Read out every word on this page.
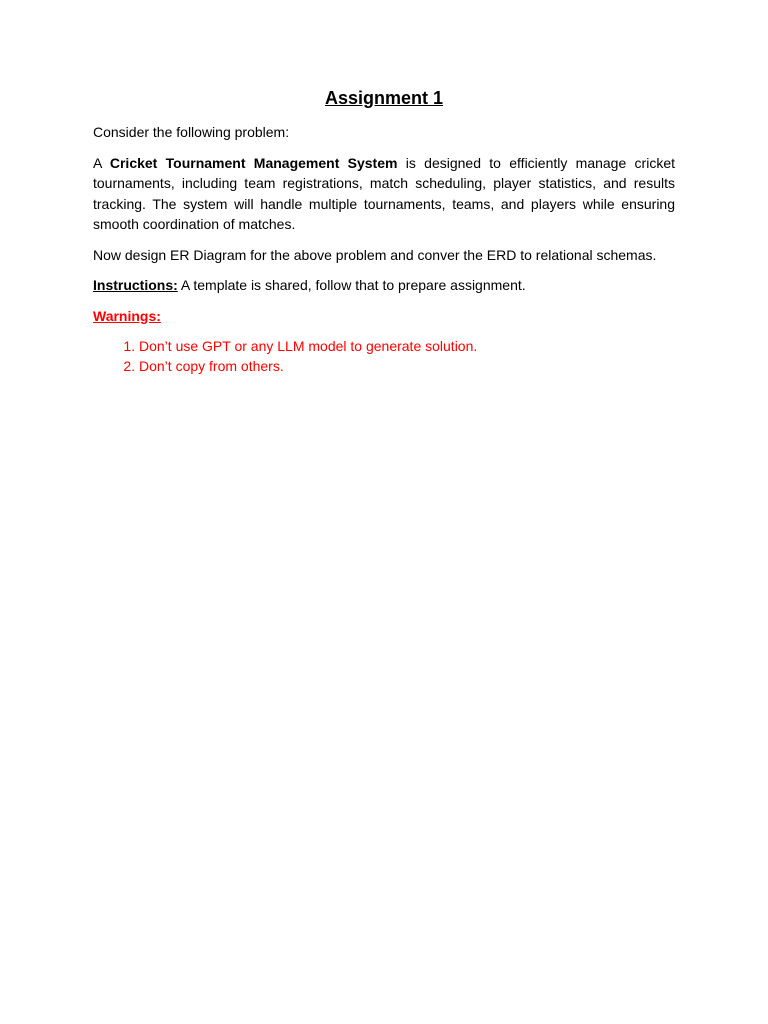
Assignment 1

Consider the following problem:

A Cricket Tournament Management System is designed to efficiently manage cricket tournaments, including team registrations, match scheduling, player statistics, and results tracking. The system will handle multiple tournaments, teams, and players while ensuring smooth coordination of matches.

Now design ER Diagram for the above problem and conver the ERD to relational schemas.

Instructions: A template is shared, follow that to prepare assignment.

Warnings:

1. Don’t use GPT or any LLM model to generate solution.
2. Don’t copy from others.
